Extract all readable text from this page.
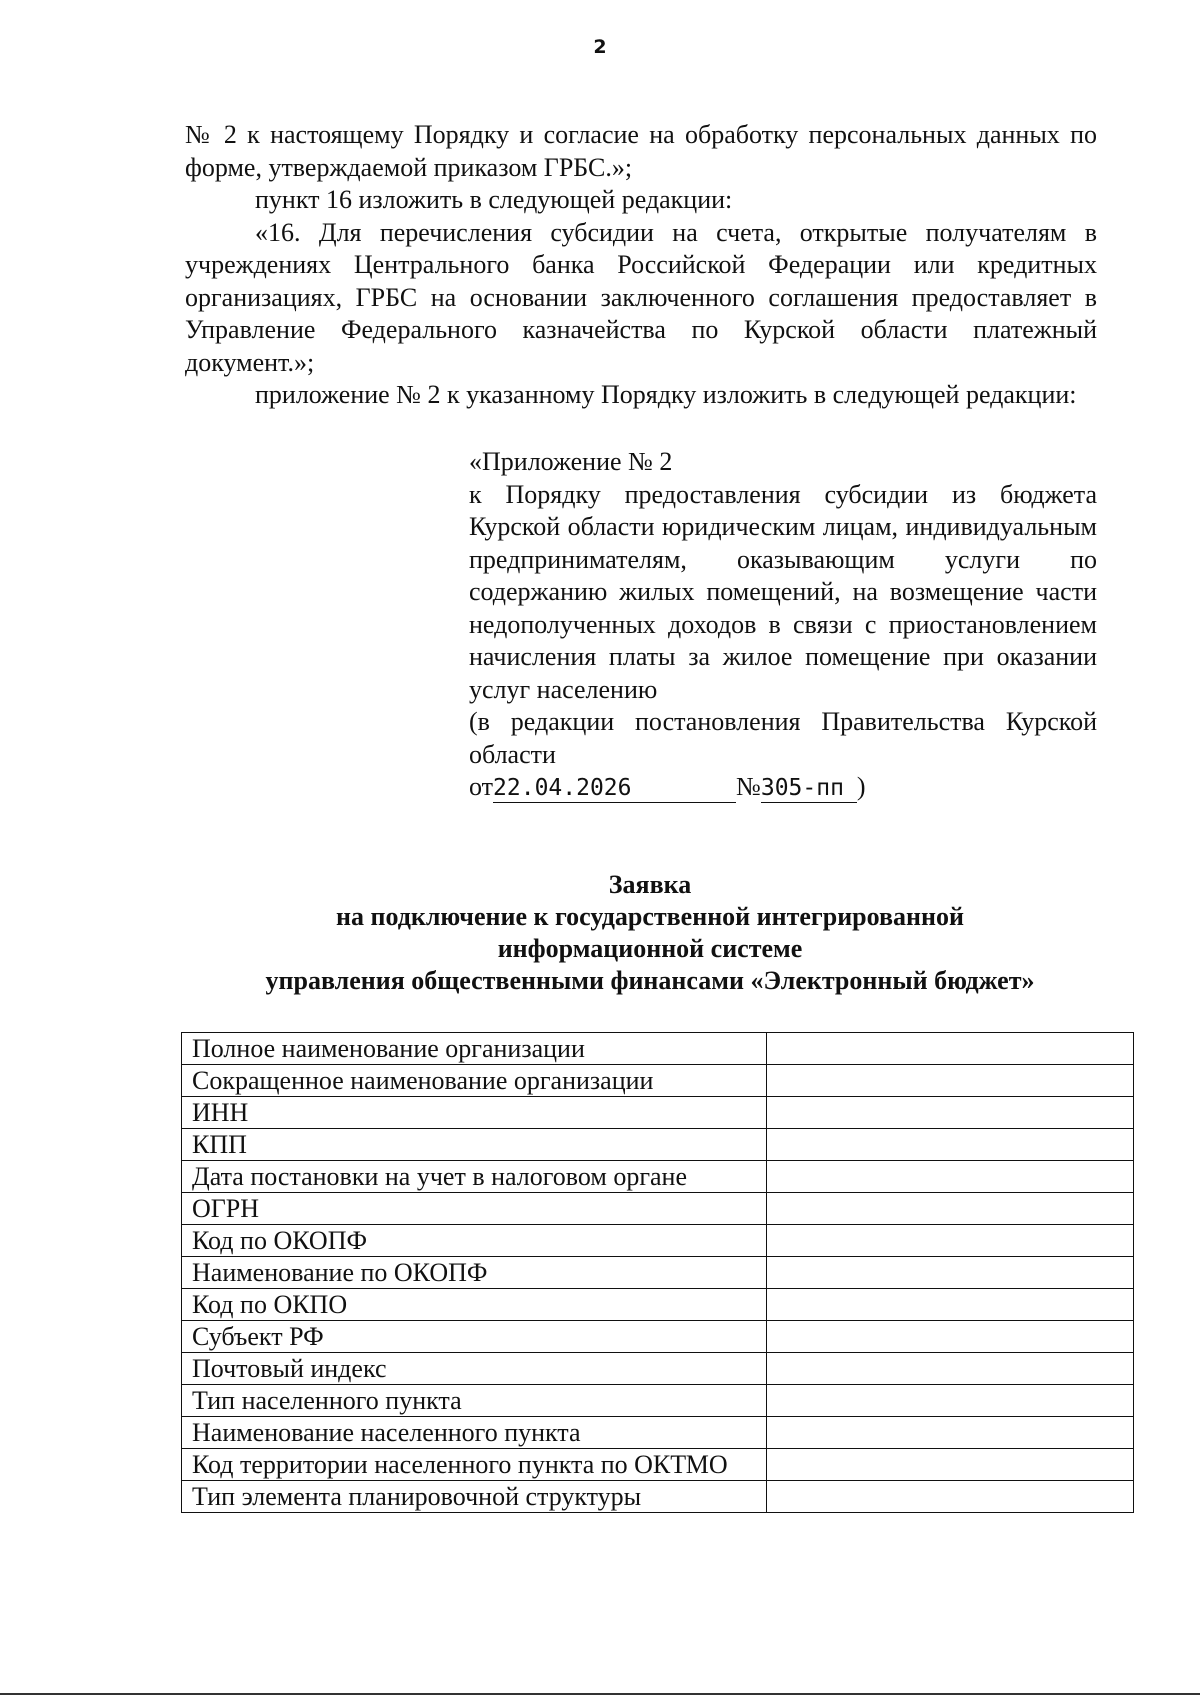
2

№ 2 к настоящему Порядку и согласие на обработку персональных данных по форме, утверждаемой приказом ГРБС.»;

пункт 16 изложить в следующей редакции:

«16. Для перечисления субсидии на счета, открытые получателям в учреждениях Центрального банка Российской Федерации или кредитных организациях, ГРБС на основании заключенного соглашения предоставляет в Управление Федерального казначейства по Курской области платежный документ.»;

приложение № 2 к указанному Порядку изложить в следующей редакции:

«Приложение № 2

к Порядку предоставления субсидии из бюджета Курской области юридическим лицам, индивидуальным предпринимателям, оказывающим услуги по содержанию жилых помещений, на возмещение части недополученных доходов в связи с приостановлением начисления платы за жилое помещение при оказании услуг населению

(в редакции постановления Правительства Курской области

от22.04.2026	№305-пп )

Заявка
на подключение к государственной интегрированной
информационной системе
управления общественными финансами «Электронный бюджет»
Полное наименование организации	
Сокращенное наименование организации	
ИНН	
КПП	
Дата постановки на учет в налоговом органе	
ОГРН	
Код по ОКОПФ	
Наименование по ОКОПФ	
Код по ОКПО	
Субъект РФ	
Почтовый индекс	
Тип населенного пункта	
Наименование населенного пункта	
Код территории населенного пункта по ОКТМО	
Тип элемента планировочной структуры	
